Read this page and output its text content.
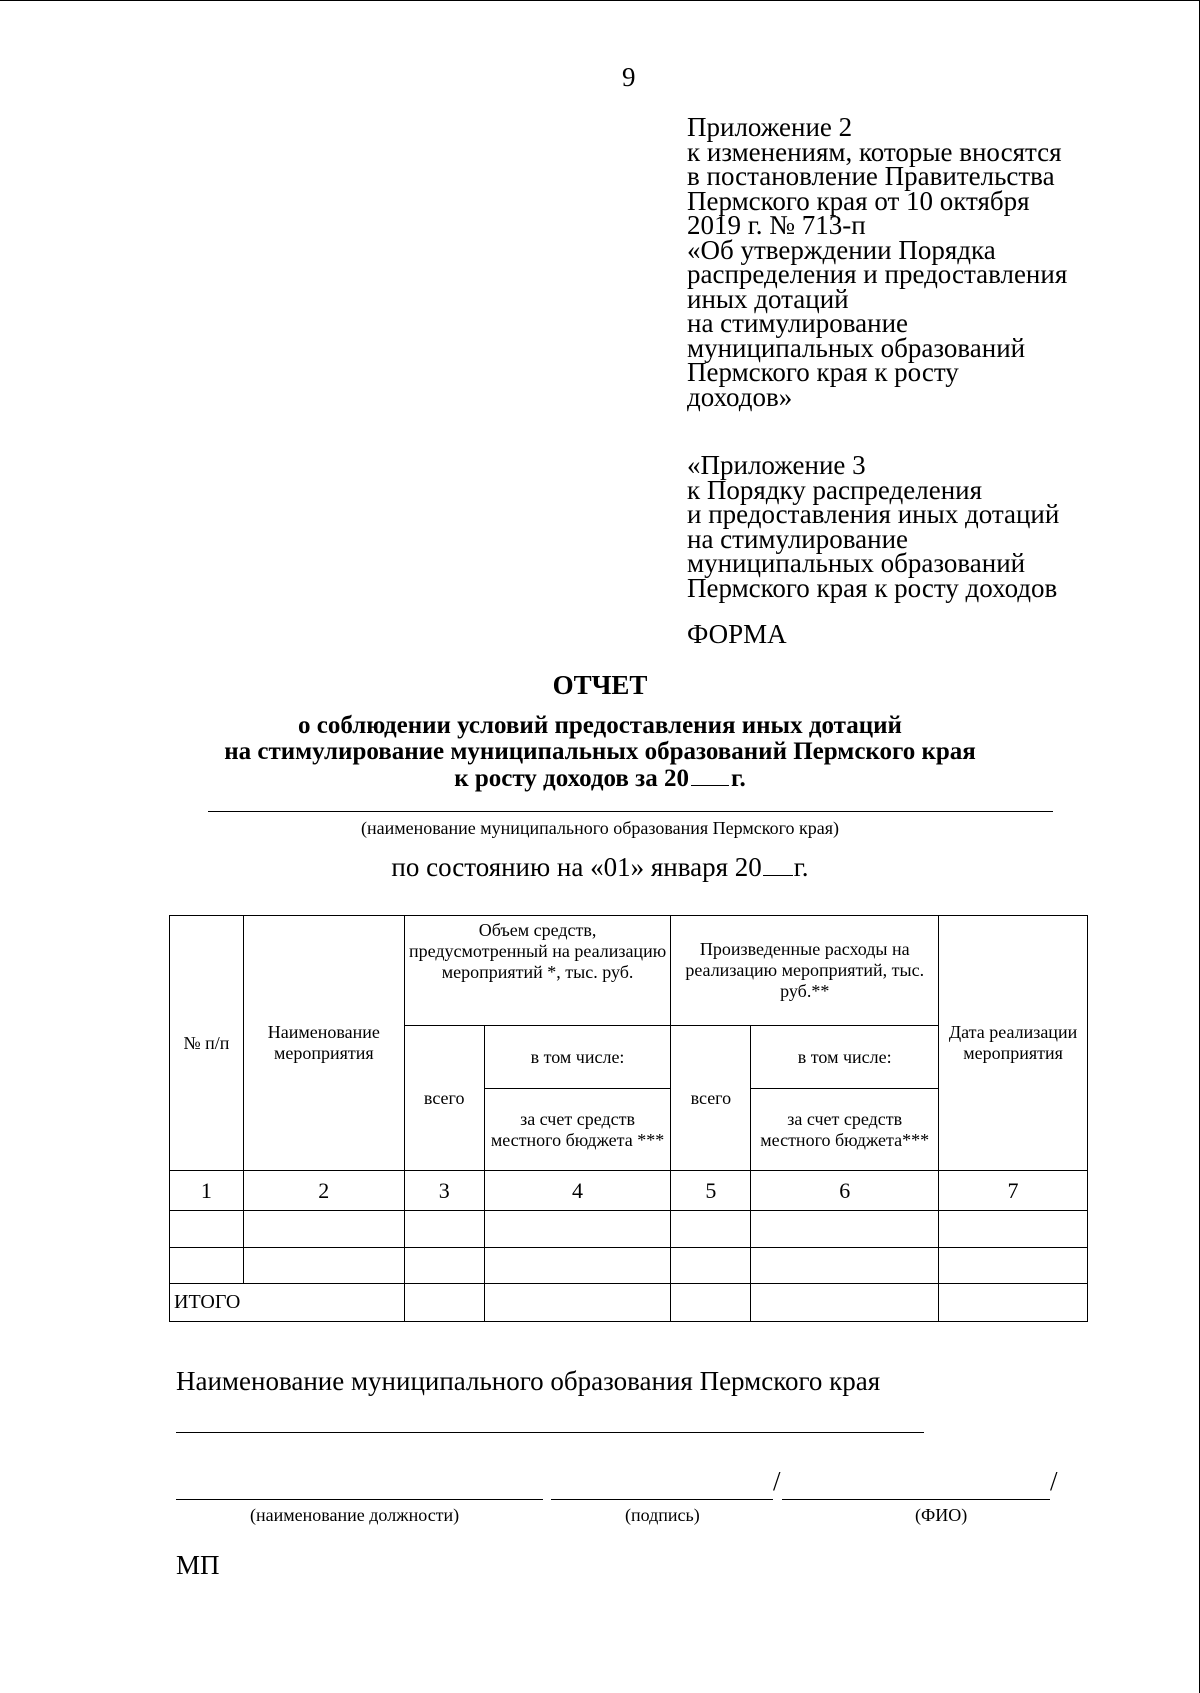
9
Приложение 2
к изменениям, которые вносятся
в постановление Правительства
Пермского края от 10 октября
2019 г. № 713-п
«Об утверждении Порядка
распределения и предоставления
иных дотаций
на стимулирование
муниципальных образований
Пермского края к росту
доходов»
«Приложение 3
к Порядку распределения
и предоставления иных дотаций
на стимулирование
муниципальных образований
Пермского края к росту доходов
ФОРМА
ОТЧЕТ
о соблюдении условий предоставления иных дотаций
на стимулирование муниципальных образований Пермского края
к росту доходов за 20 г.
(наименование муниципального образования Пермского края)
по состоянию на «01» января 20 г.
№ п/п	Наименование мероприятия	Объем средств, предусмотренный на реализацию мероприятий *, тыс. руб.		Произведенные расходы на реализацию мероприятий, тыс. руб.**		Дата реализации мероприятия
		всего	в том числе:	всего	в том числе:	
			за счет средств местного бюджета ***		за счет средств местного бюджета***	
1	2	3	4	5	6	7

ИТОГО						
Наименование муниципального образования Пермского края
/	/
(наименование должности)	(подпись)	(ФИО)
МП
